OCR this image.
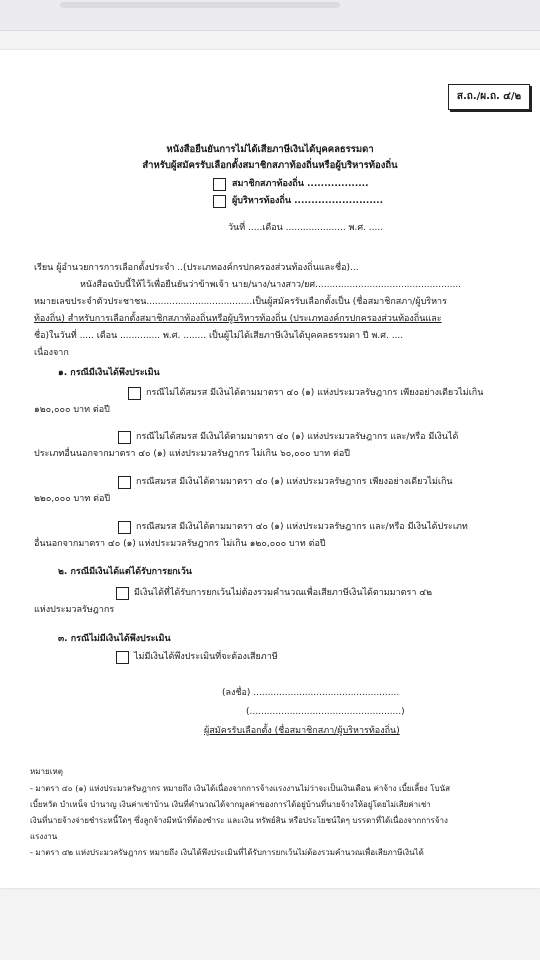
ส.ถ./ผ.ถ. ๔/๒
หนังสือยืนยันการไม่ได้เสียภาษีเงินได้บุคคลธรรมดา
สำหรับผู้สมัครรับเลือกตั้งสมาชิกสภาท้องถิ่นหรือผู้บริหารท้องถิ่น
สมาชิกสภาท้องถิ่น ..................
ผู้บริหารท้องถิ่น ..........................
วันที่ .....เดือน ..................... พ.ศ. .....
เรียน ผู้อำนวยการการเลือกตั้งประจำ ..(ประเภทองค์กรปกครองส่วนท้องถิ่นและชื่อ)...
หนังสือฉบับนี้ให้ไว้เพื่อยืนยันว่าข้าพเจ้า นาย/นาง/นางสาว/ยศ...................................................
หมายเลขประจำตัวประชาชน.....................................เป็นผู้สมัครรับเลือกตั้งเป็น (ชื่อสมาชิกสภา/ผู้บริหาร
ท้องถิ่น) สำหรับการเลือกตั้งสมาชิกสภาท้องถิ่นหรือผู้บริหารท้องถิ่น (ประเภทองค์กรปกครองส่วนท้องถิ่นและ
ชื่อ)ในวันที่ ..... เดือน .............. พ.ศ. ........ เป็นผู้ไม่ได้เสียภาษีเงินได้บุคคลธรรมดา ปี พ.ศ. ....
เนื่องจาก
๑. กรณีมีเงินได้พึงประเมิน
กรณีไม่ได้สมรส มีเงินได้ตามมาตรา ๔๐ (๑) แห่งประมวลรัษฎากร เพียงอย่างเดียวไม่เกิน
๑๒๐,๐๐๐ บาท ต่อปี
กรณีไม่ได้สมรส มีเงินได้ตามมาตรา ๔๐ (๑) แห่งประมวลรัษฎากร และ/หรือ มีเงินได้
ประเภทอื่นนอกจากมาตรา ๔๐ (๑) แห่งประมวลรัษฎากร ไม่เกิน ๖๐,๐๐๐ บาท ต่อปี
กรณีสมรส มีเงินได้ตามมาตรา ๔๐ (๑) แห่งประมวลรัษฎากร เพียงอย่างเดียวไม่เกิน
๒๒๐,๐๐๐ บาท ต่อปี
กรณีสมรส มีเงินได้ตามมาตรา ๔๐ (๑) แห่งประมวลรัษฎากร และ/หรือ มีเงินได้ประเภท
อื่นนอกจากมาตรา ๔๐ (๑) แห่งประมวลรัษฎากร ไม่เกิน ๑๒๐,๐๐๐ บาท ต่อปี
๒. กรณีมีเงินได้แต่ได้รับการยกเว้น
มีเงินได้ที่ได้รับการยกเว้นไม่ต้องรวมคำนวณเพื่อเสียภาษีเงินได้ตามมาตรา ๔๒
แห่งประมวลรัษฎากร
๓. กรณีไม่มีเงินได้พึงประเมิน
ไม่มีเงินได้พึงประเมินที่จะต้องเสียภาษี
(ลงชื่อ) ...................................................
(.....................................................)
ผู้สมัครรับเลือกตั้ง (ชื่อสมาชิกสภา/ผู้บริหารท้องถิ่น)
หมายเหตุ
- มาตรา ๔๐ (๑) แห่งประมวลรัษฎากร หมายถึง เงินได้เนื่องจากการจ้างแรงงานไม่ว่าจะเป็นเงินเดือน ค่าจ้าง เบี้ยเลี้ยง โบนัส
เบี้ยหวัด บำเหน็จ บำนาญ เงินค่าเช่าบ้าน เงินที่คำนวณได้จากมูลค่าของการได้อยู่บ้านที่นายจ้างให้อยู่โดยไม่เสียค่าเช่า
เงินที่นายจ้างจ่ายชำระหนี้ใดๆ ซึ่งลูกจ้างมีหน้าที่ต้องชำระ และเงิน ทรัพย์สิน หรือประโยชน์ใดๆ บรรดาที่ได้เนื่องจากการจ้าง
แรงงาน
- มาตรา ๔๒ แห่งประมวลรัษฎากร หมายถึง เงินได้พึงประเมินที่ได้รับการยกเว้นไม่ต้องรวมคำนวณเพื่อเสียภาษีเงินได้
